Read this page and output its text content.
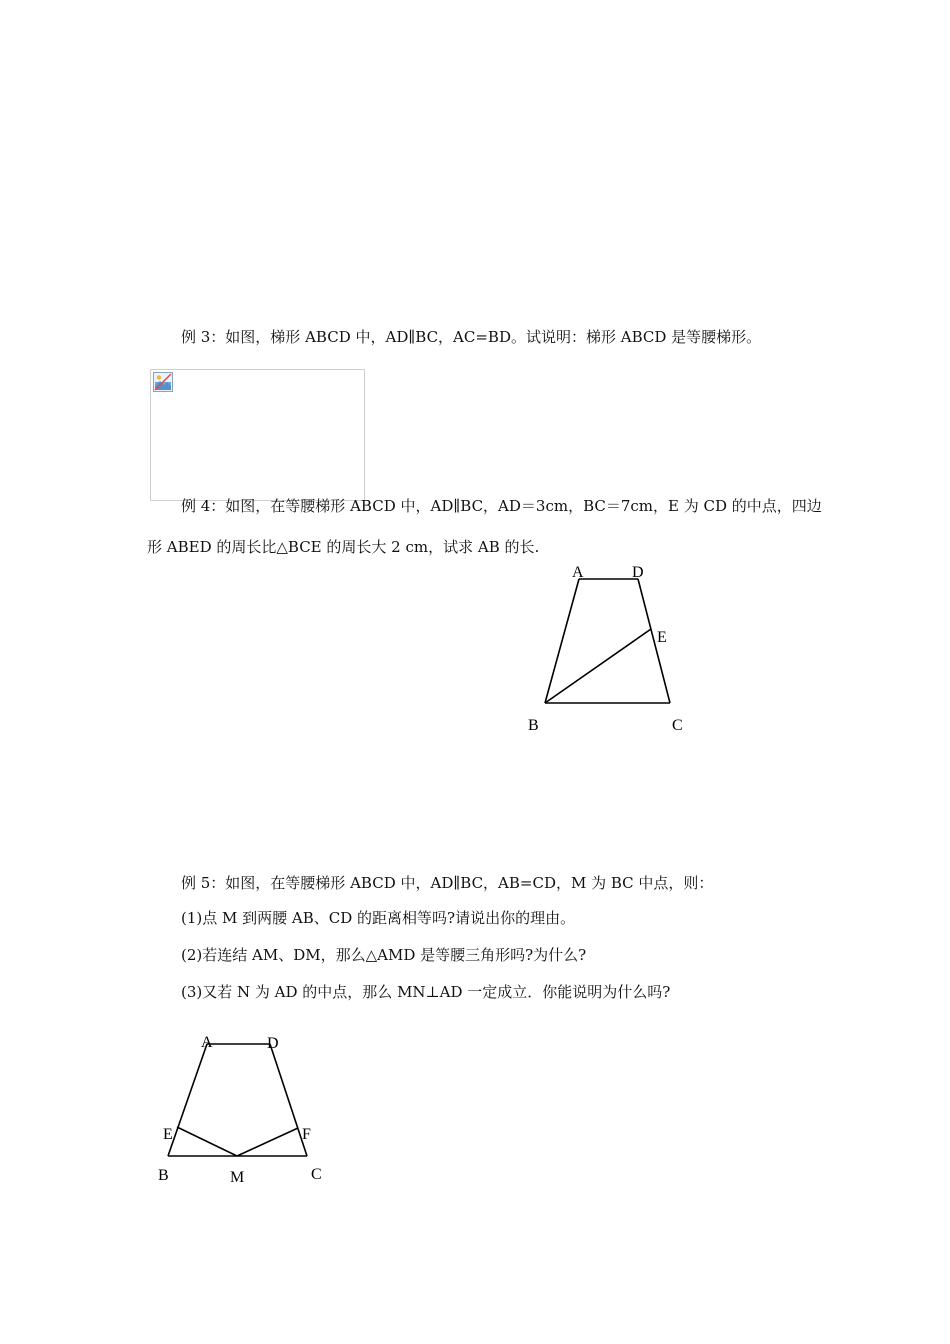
例 3：如图，梯形 ABCD 中，AD∥BC，AC=BD。试说明：梯形 ABCD 是等腰梯形。
例 4：如图，在等腰梯形 ABCD 中，AD∥BC，AD＝3cm，BC＝7cm，E 为 CD 的中点，四边
形 ABED 的周长比△BCE 的周长大 2 cm，试求 AB 的长.
A	D
E
B	C
例 5：如图，在等腰梯形 ABCD 中，AD∥BC，AB=CD，M 为 BC 中点，则：
(1)点 M 到两腰 AB、CD 的距离相等吗?请说出你的理由。
(2)若连结 AM、DM，那么△AMD 是等腰三角形吗?为什么?
(3)又若 N 为 AD 的中点，那么 MN⊥AD 一定成立．你能说明为什么吗?
A	D
E	F
B	M	C
